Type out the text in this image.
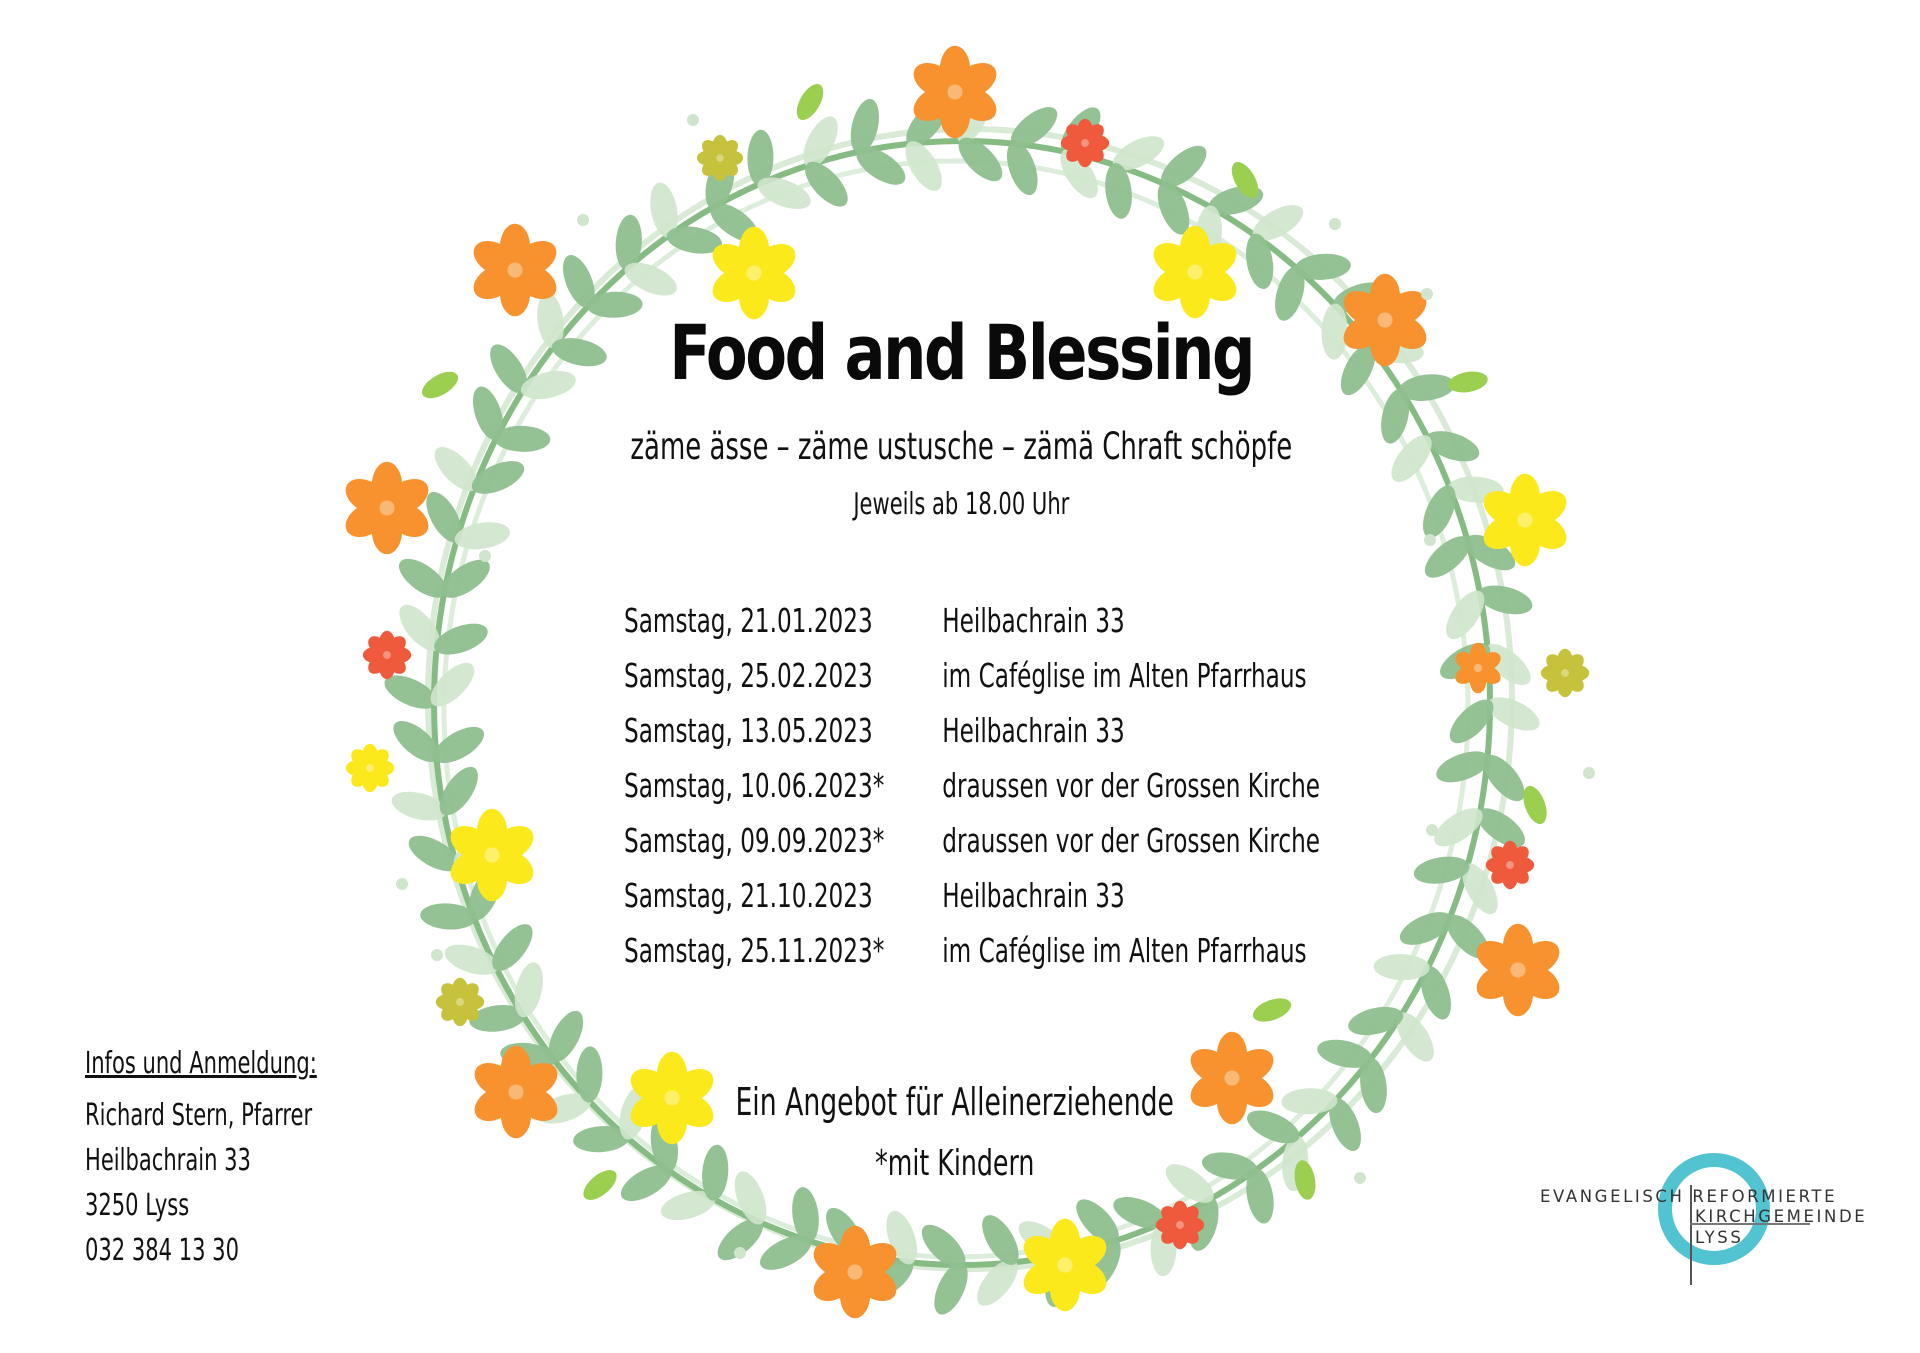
Food and Blessing
zäme ässe – zäme ustusche – zämä Chraft schöpfe
Jeweils ab 18.00 Uhr
Samstag, 21.01.2023 Heilbachrain 33
Samstag, 25.02.2023 im Caféglise im Alten Pfarrhaus
Samstag, 13.05.2023 Heilbachrain 33
Samstag, 10.06.2023* draussen vor der Grossen Kirche
Samstag, 09.09.2023* draussen vor der Grossen Kirche
Samstag, 21.10.2023 Heilbachrain 33
Samstag, 25.11.2023* im Caféglise im Alten Pfarrhaus
Ein Angebot für Alleinerziehende
*mit Kindern
Infos und Anmeldung:
Richard Stern, Pfarrer
Heilbachrain 33
3250 Lyss
032 384 13 30
EVANGELISCH REFORMIERTE
KIRCHGEMEINDE
LYSS
